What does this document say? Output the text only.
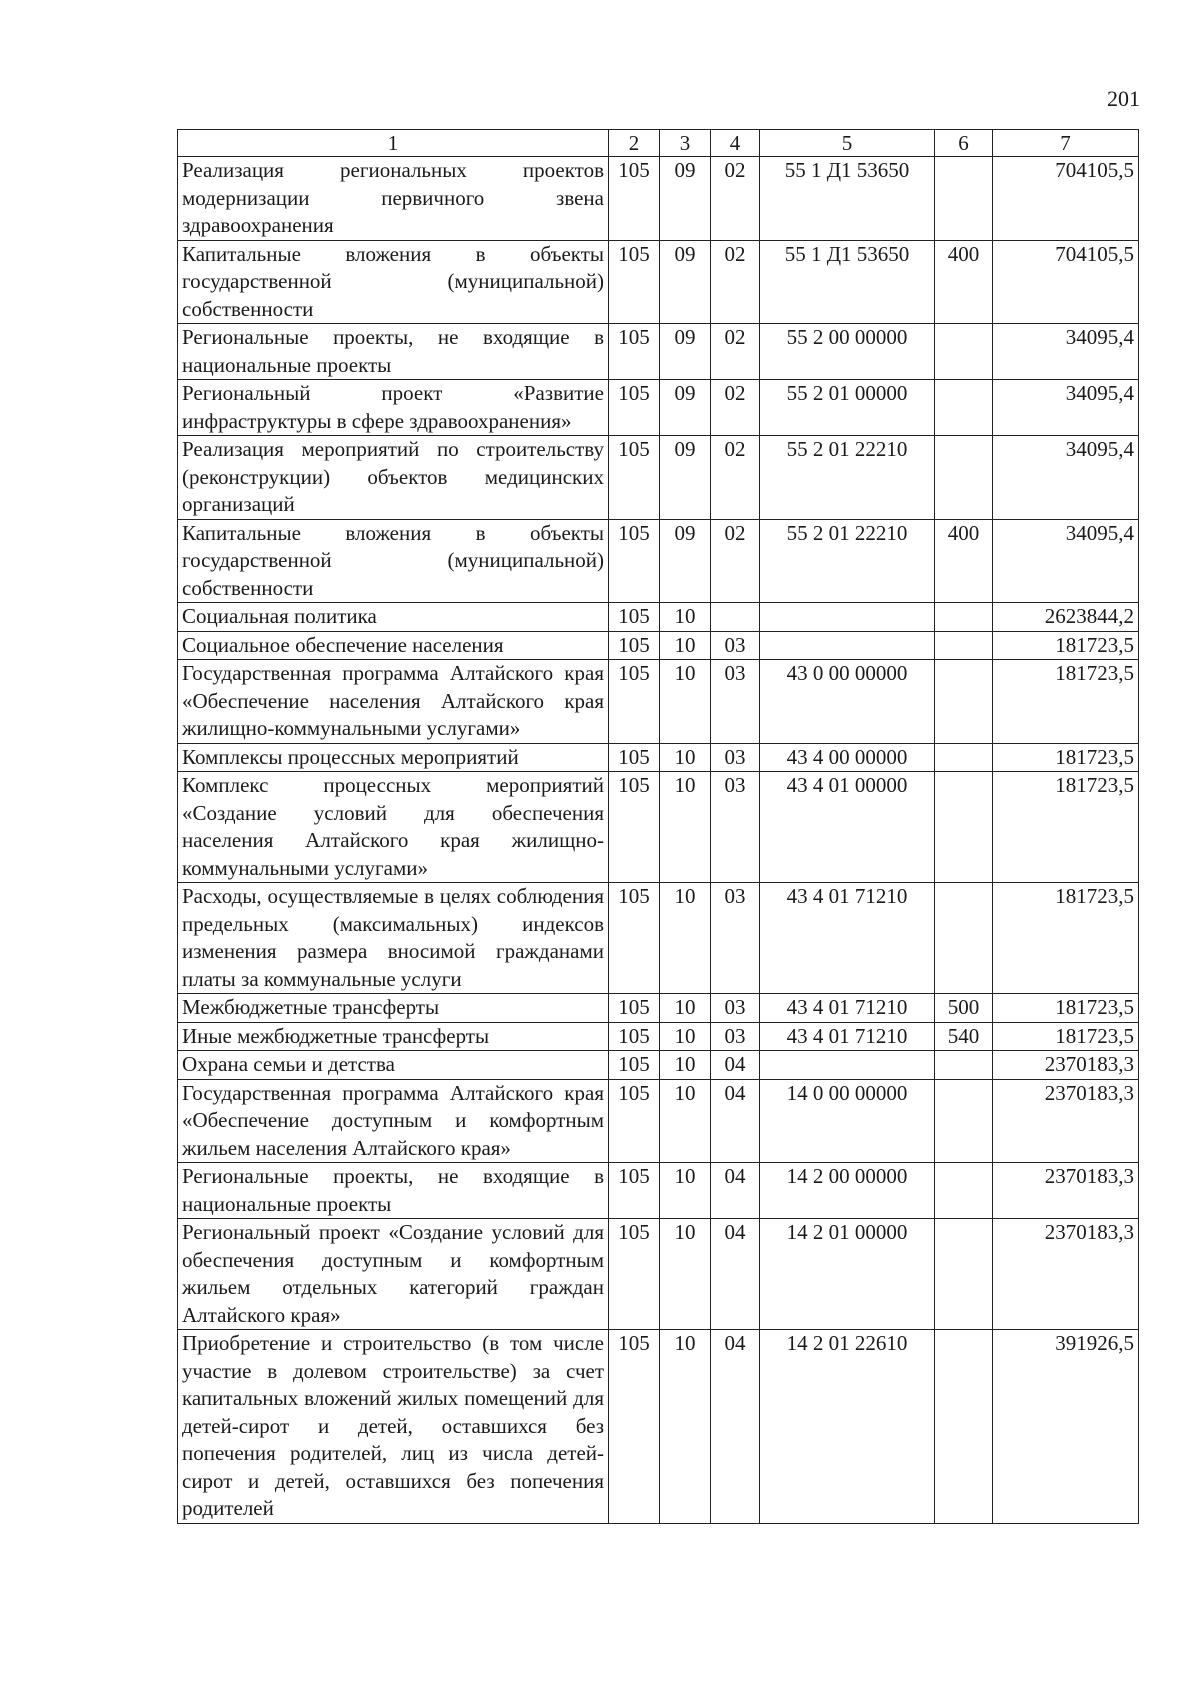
201
1	2	3	4	5	6	7
Реализация региональных проектов модернизации первичного звена здравоохранения	105	09	02	55 1 Д1 53650		704105,5
Капитальные вложения в объекты государственной (муниципальной) собственности	105	09	02	55 1 Д1 53650	400	704105,5
Региональные проекты, не входящие в национальные проекты	105	09	02	55 2 00 00000		34095,4
Региональный проект «Развитие инфраструктуры в сфере здравоохранения»	105	09	02	55 2 01 00000		34095,4
Реализация мероприятий по строительству (реконструкции) объектов медицинских организаций	105	09	02	55 2 01 22210		34095,4
Капитальные вложения в объекты государственной (муниципальной) собственности	105	09	02	55 2 01 22210	400	34095,4
Социальная политика	105	10				2623844,2
Социальное обеспечение населения	105	10	03			181723,5
Государственная программа Алтайского края «Обеспечение населения Алтайского края жилищно-коммунальными услугами»	105	10	03	43 0 00 00000		181723,5
Комплексы процессных мероприятий	105	10	03	43 4 00 00000		181723,5
Комплекс процессных мероприятий «Создание условий для обеспечения населения Алтайского края жилищно-коммунальными услугами»	105	10	03	43 4 01 00000		181723,5
Расходы, осуществляемые в целях соблюдения предельных (максимальных) индексов изменения размера вносимой гражданами платы за коммунальные услуги	105	10	03	43 4 01 71210		181723,5
Межбюджетные трансферты	105	10	03	43 4 01 71210	500	181723,5
Иные межбюджетные трансферты	105	10	03	43 4 01 71210	540	181723,5
Охрана семьи и детства	105	10	04			2370183,3
Государственная программа Алтайского края «Обеспечение доступным и комфортным жильем населения Алтайского края»	105	10	04	14 0 00 00000		2370183,3
Региональные проекты, не входящие в национальные проекты	105	10	04	14 2 00 00000		2370183,3
Региональный проект «Создание условий для обеспечения доступным и комфортным жильем отдельных категорий граждан Алтайского края»	105	10	04	14 2 01 00000		2370183,3
Приобретение и строительство (в том числе участие в долевом строительстве) за счет капитальных вложений жилых помещений для детей-сирот и детей, оставшихся без попечения родителей, лиц из числа детей-сирот и детей, оставшихся без попечения родителей	105	10	04	14 2 01 22610		391926,5
